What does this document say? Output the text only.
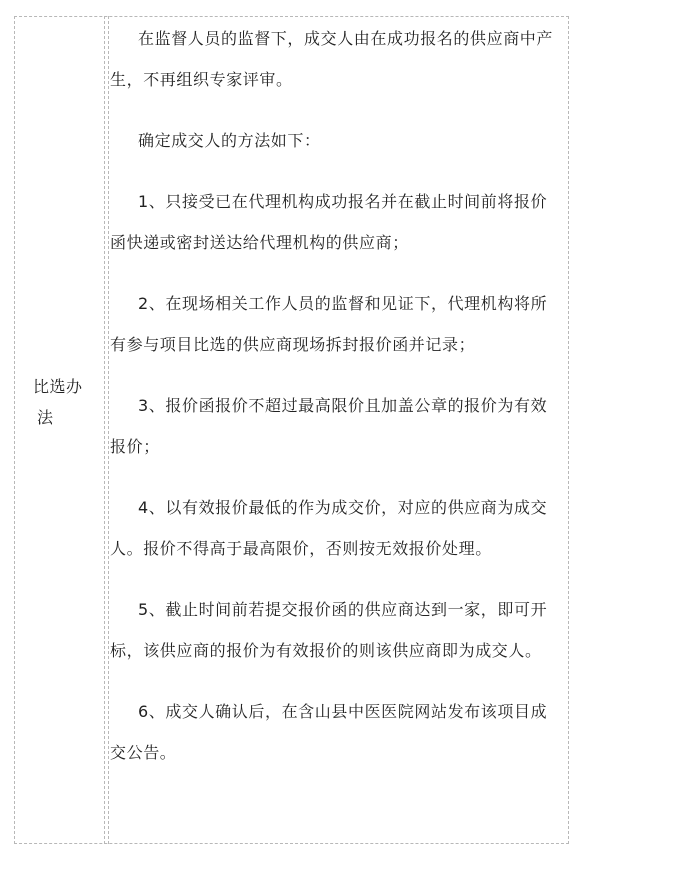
比选办
法

在监督人员的监督下，成交人由在成功报名的供应商中产生，不再组织专家评审。

确定成交人的方法如下：

1、只接受已在代理机构成功报名并在截止时间前将报价函快递或密封送达给代理机构的供应商；

2、在现场相关工作人员的监督和见证下，代理机构将所有参与项目比选的供应商现场拆封报价函并记录；

3、报价函报价不超过最高限价且加盖公章的报价为有效报价；

4、以有效报价最低的作为成交价，对应的供应商为成交人。报价不得高于最高限价，否则按无效报价处理。

5、截止时间前若提交报价函的供应商达到一家，即可开标，该供应商的报价为有效报价的则该供应商即为成交人。

6、成交人确认后，在含山县中医医院网站发布该项目成交公告。
